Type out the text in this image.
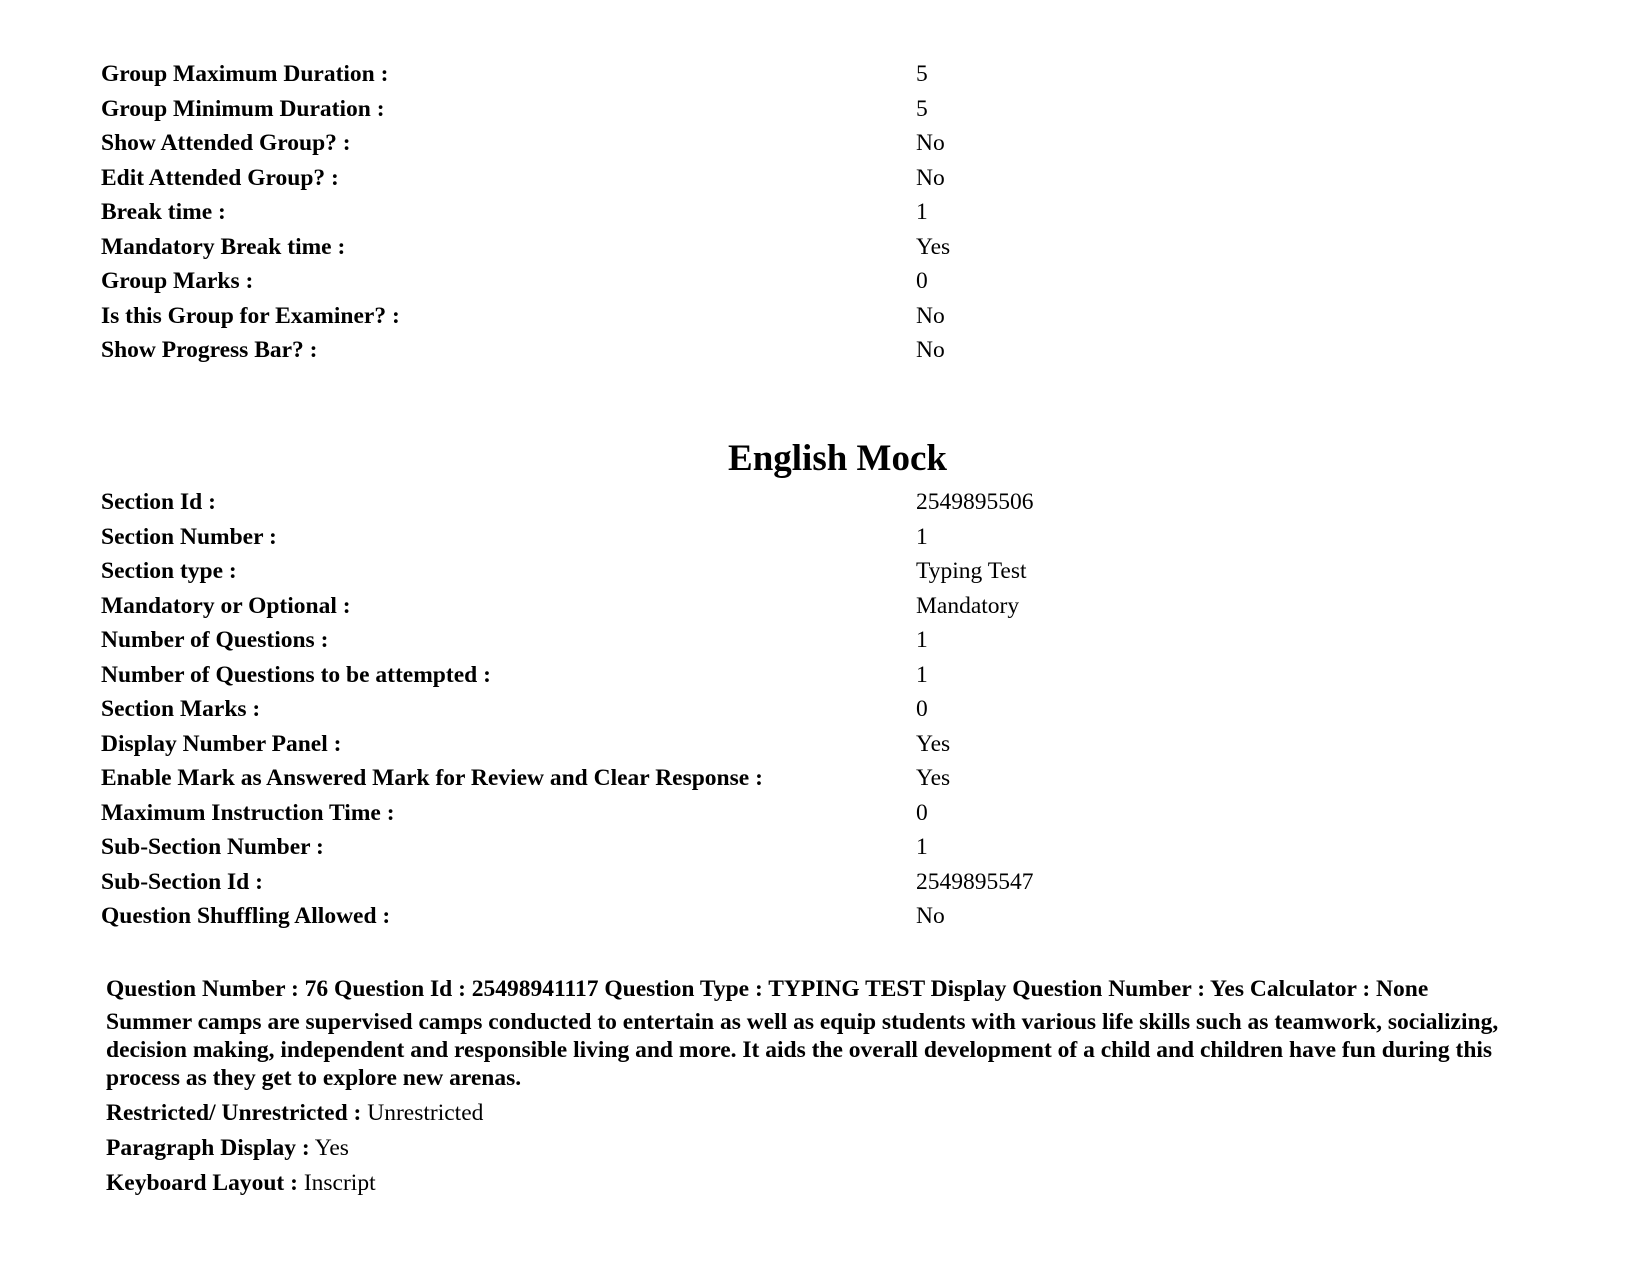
Group Maximum Duration :	5
Group Minimum Duration :	5
Show Attended Group? :	No
Edit Attended Group? :	No
Break time :	1
Mandatory Break time :	Yes
Group Marks :	0
Is this Group for Examiner? :	No
Show Progress Bar? :	No
English Mock
Section Id :	2549895506
Section Number :	1
Section type :	Typing Test
Mandatory or Optional :	Mandatory
Number of Questions :	1
Number of Questions to be attempted :	1
Section Marks :	0
Display Number Panel :	Yes
Enable Mark as Answered Mark for Review and Clear Response :	Yes
Maximum Instruction Time :	0
Sub-Section Number :	1
Sub-Section Id :	2549895547
Question Shuffling Allowed :	No
Question Number : 76 Question Id : 25498941117 Question Type : TYPING TEST Display Question Number : Yes Calculator : None
Summer camps are supervised camps conducted to entertain as well as equip students with various life skills such as teamwork, socializing, decision making, independent and responsible living and more. It aids the overall development of a child and children have fun during this process as they get to explore new arenas.
Restricted/ Unrestricted : Unrestricted
Paragraph Display : Yes
Keyboard Layout : Inscript
